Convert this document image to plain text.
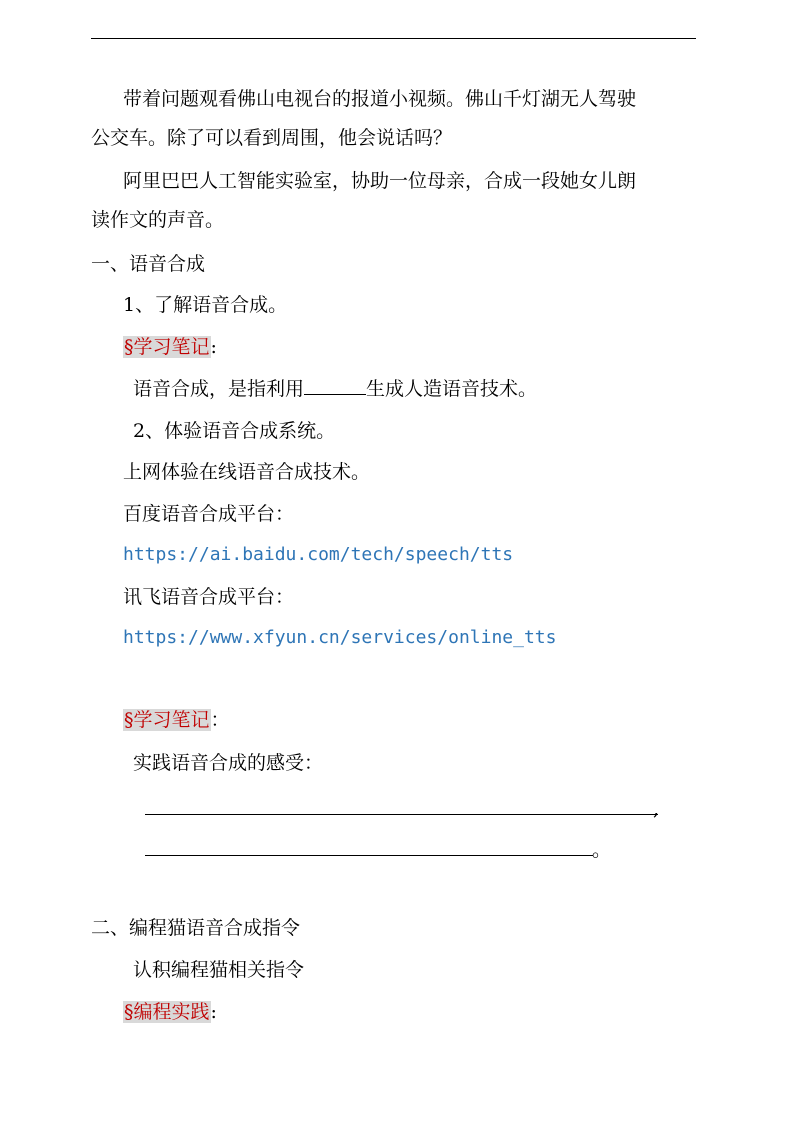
带着问题观看佛山电视台的报道小视频。佛山千灯湖无人驾驶
公交车。除了可以看到周围，他会说话吗？
阿里巴巴人工智能实验室，协助一位母亲，合成一段她女儿朗
读作文的声音。
一、语音合成
1、了解语音合成。
§学习笔记:
语音合成，是指利用	生成人造语音技术。
2、体验语音合成系统。
上网体验在线语音合成技术。
百度语音合成平台：
https://ai.baidu.com/tech/speech/tts
讯飞语音合成平台：
https://www.xfyun.cn/services/online_tts
§学习笔记：
实践语音合成的感受：
,
。
二、编程猫语音合成指令
认积编程猫相关指令
§编程实践:
